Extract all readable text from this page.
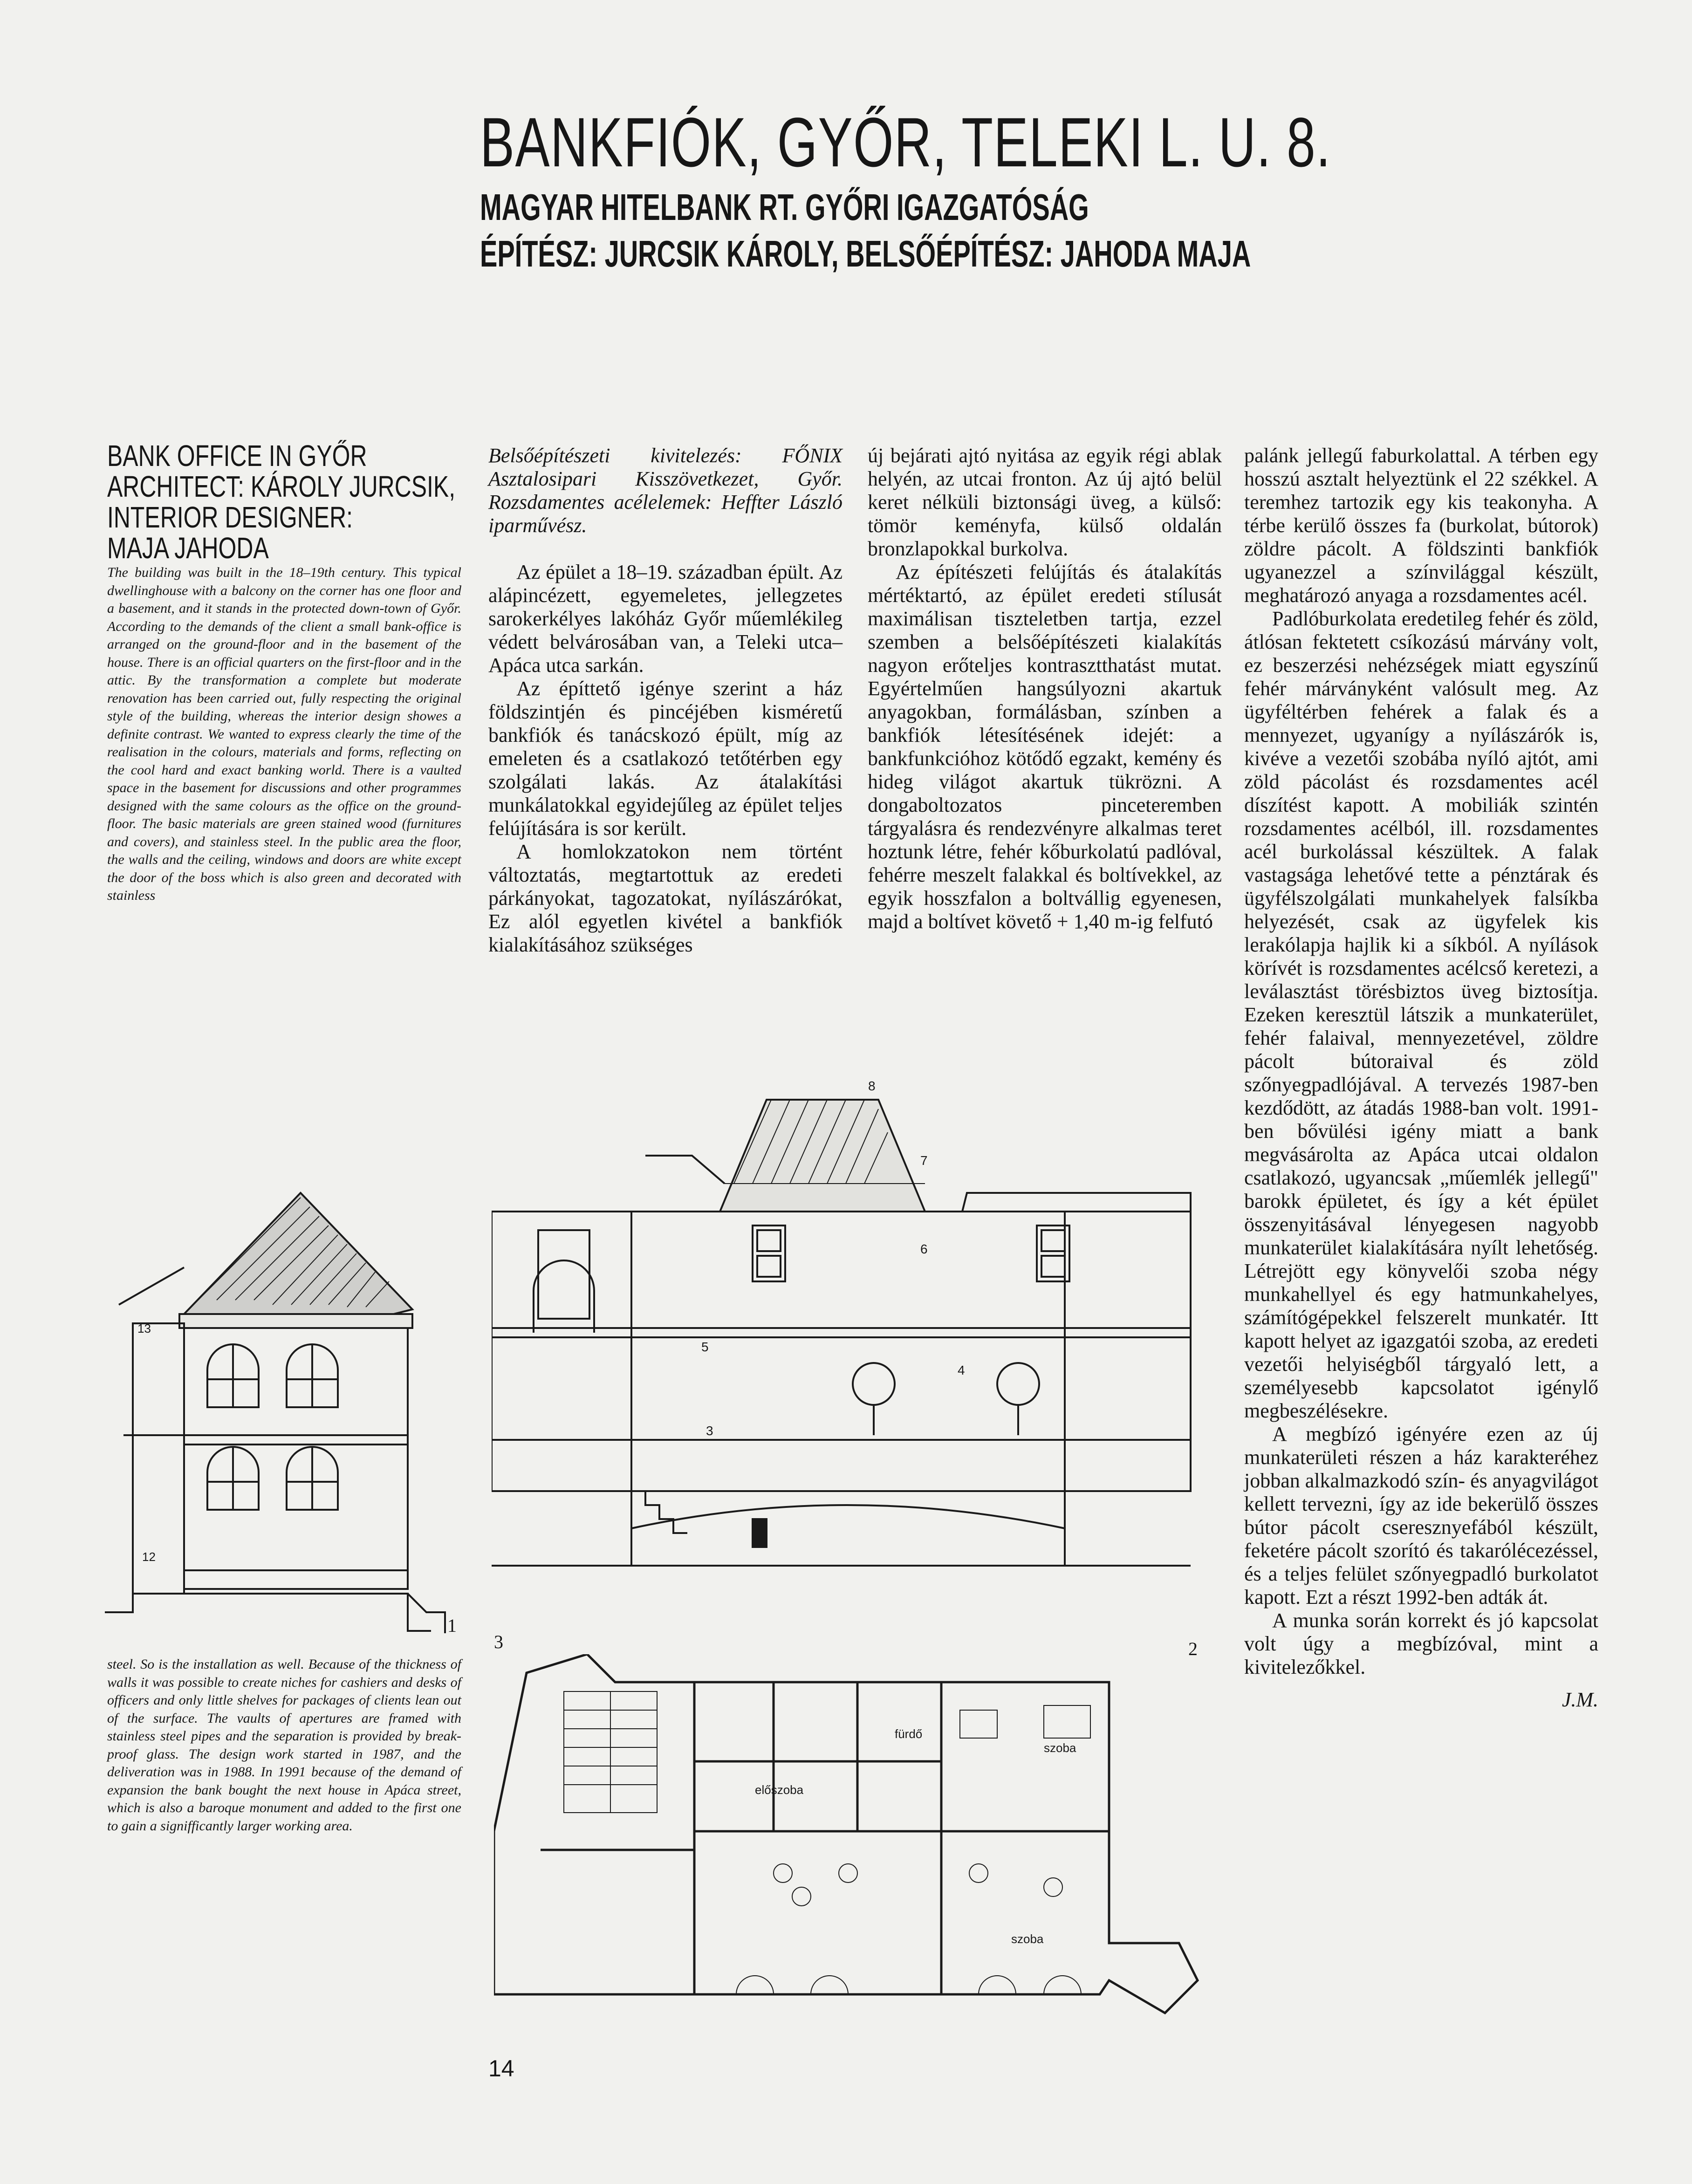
BANKFIÓK, GYŐR, TELEKI L. U. 8.
MAGYAR HITELBANK RT. GYŐRI IGAZGATÓSÁG
ÉPÍTÉSZ: JURCSIK KÁROLY, BELSŐÉPÍTÉSZ: JAHODA MAJA
BANK OFFICE IN GYŐR
ARCHITECT: KÁROLY JURCSIK,
INTERIOR DESIGNER:
MAJA JAHODA
The building was built in the 18–19th century. This typical dwellinghouse with a balcony on the corner has one floor and a basement, and it stands in the protected down-town of Győr. According to the demands of the client a small bank-office is arranged on the ground-floor and in the basement of the house. There is an official quarters on the first-floor and in the attic. By the transformation a complete but moderate renovation has been carried out, fully respecting the original style of the building, whereas the interior design showes a definite contrast. We wanted to express clearly the time of the realisation in the colours, materials and forms, reflecting on the cool hard and exact banking world. There is a vaulted space in the basement for discussions and other programmes designed with the same colours as the office on the ground-floor. The basic materials are green stained wood (furnitures and covers), and stainless steel. In the public area the floor, the walls and the ceiling, windows and doors are white except the door of the boss which is also green and decorated with stainless
steel. So is the installation as well. Because of the thickness of walls it was possible to create niches for cashiers and desks of officers and only little shelves for packages of clients lean out of the surface. The vaults of apertures are framed with stainless steel pipes and the separation is provided by break-proof glass. The design work started in 1987, and the deliveration was in 1988. In 1991 because of the demand of expansion the bank bought the next house in Apáca street, which is also a baroque monument and added to the first one to gain a signifficantly larger working area.

Belsőépítészeti kivitelezés: FŐNIX Asztalosipari Kisszövetkezet, Győr. Rozsdamentes acélelemek: Heffter László iparművész.

Az épület a 18–19. században épült. Az alápincézett, egyemeletes, jellegzetes sarokerkélyes lakóház Győr műemlékileg védett belvárosában van, a Teleki utca–Apáca utca sarkán.

Az építtető igénye szerint a ház földszintjén és pincéjében kisméretű bankfiók és tanácskozó épült, míg az emeleten és a csatlakozó tetőtérben egy szolgálati lakás. Az átalakítási munkálatokkal egyidejűleg az épület teljes felújítására is sor került.

A homlokzatokon nem történt változtatás, megtartottuk az eredeti párkányokat, tagozatokat, nyílászárókat, Ez alól egyetlen kivétel a bankfiók kialakításához szükséges

új bejárati ajtó nyitása az egyik régi ablak helyén, az utcai fronton. Az új ajtó belül keret nélküli biztonsági üveg, a külső: tömör keményfa, külső oldalán bronzlapokkal burkolva.

Az építészeti felújítás és átalakítás mértéktartó, az épület eredeti stílusát maximálisan tiszteletben tartja, ezzel szemben a belsőépítészeti kialakítás nagyon erőteljes kontrasztthatást mutat. Egyértelműen hangsúlyozni akartuk anyagokban, formálásban, színben a bankfiók létesítésének idejét: a bankfunkcióhoz kötődő egzakt, kemény és hideg világot akartuk tükrözni. A dongaboltozatos pinceteremben tárgyalásra és rendezvényre alkalmas teret hoztunk létre, fehér kőburkolatú padlóval, fehérre meszelt falakkal és boltívekkel, az egyik hosszfalon a boltvállig egyenesen, majd a boltívet követő + 1,40 m-ig felfutó

palánk jellegű faburkolattal. A térben egy hosszú asztalt helyeztünk el 22 székkel. A teremhez tartozik egy kis teakonyha. A térbe kerülő összes fa (burkolat, bútorok) zöldre pácolt. A földszinti bankfiók ugyanezzel a színvilággal készült, meghatározó anyaga a rozsdamentes acél.

Padlóburkolata eredetileg fehér és zöld, átlósan fektetett csíkozású márvány volt, ez beszerzési nehézségek miatt egyszínű fehér márványként valósult meg. Az ügyféltérben fehérek a falak és a mennyezet, ugyanígy a nyílászárók is, kivéve a vezetői szobába nyíló ajtót, ami zöld pácolást és rozsdamentes acél díszítést kapott. A mobiliák szintén rozsdamentes acélból, ill. rozsdamentes acél burkolással készültek. A falak vastagsága lehetővé tette a pénztárak és ügyfélszolgálati munkahelyek falsíkba helyezését, csak az ügyfelek kis lerakólapja hajlik ki a síkból. A nyílások körívét is rozsdamentes acélcső keretezi, a leválasztást törésbiztos üveg biztosítja. Ezeken keresztül látszik a munkaterület, fehér falaival, mennyezetével, zöldre pácolt bútoraival és zöld szőnyegpadlójával. A tervezés 1987-ben kezdődött, az átadás 1988-ban volt. 1991-ben bővülési igény miatt a bank megvásárolta az Apáca utcai oldalon csatlakozó, ugyancsak „műemlék jellegű" barokk épületet, és így a két épület összenyitásával lényegesen nagyobb munkaterület kialakítására nyílt lehetőség. Létrejött egy könyvelői szoba négy munkahellyel és egy hatmunkahelyes, számítógépekkel felszerelt munkatér. Itt kapott helyet az igazgatói szoba, az eredeti vezetői helyiségből tárgyaló lett, a személyesebb kapcsolatot igénylő megbeszélésekre.

A megbízó igényére ezen az új munkaterületi részen a ház karakteréhez jobban alkalmazkodó szín- és anyagvilágot kellett tervezni, így az ide bekerülő összes bútor pácolt cseresznyefából készült, feketére pácolt szorító és takarólécezéssel, és a teljes felület szőnyegpadló burkolatot kapott. Ezt a részt 1992-ben adták át.

A munka során korrekt és jó kapcsolat volt úgy a megbízóval, mint a kivitelezőkkel.

J.M.

13
12
1
8
7
6
5
4
3
2
3
szoba
szoba
fürdő
előszoba
14
